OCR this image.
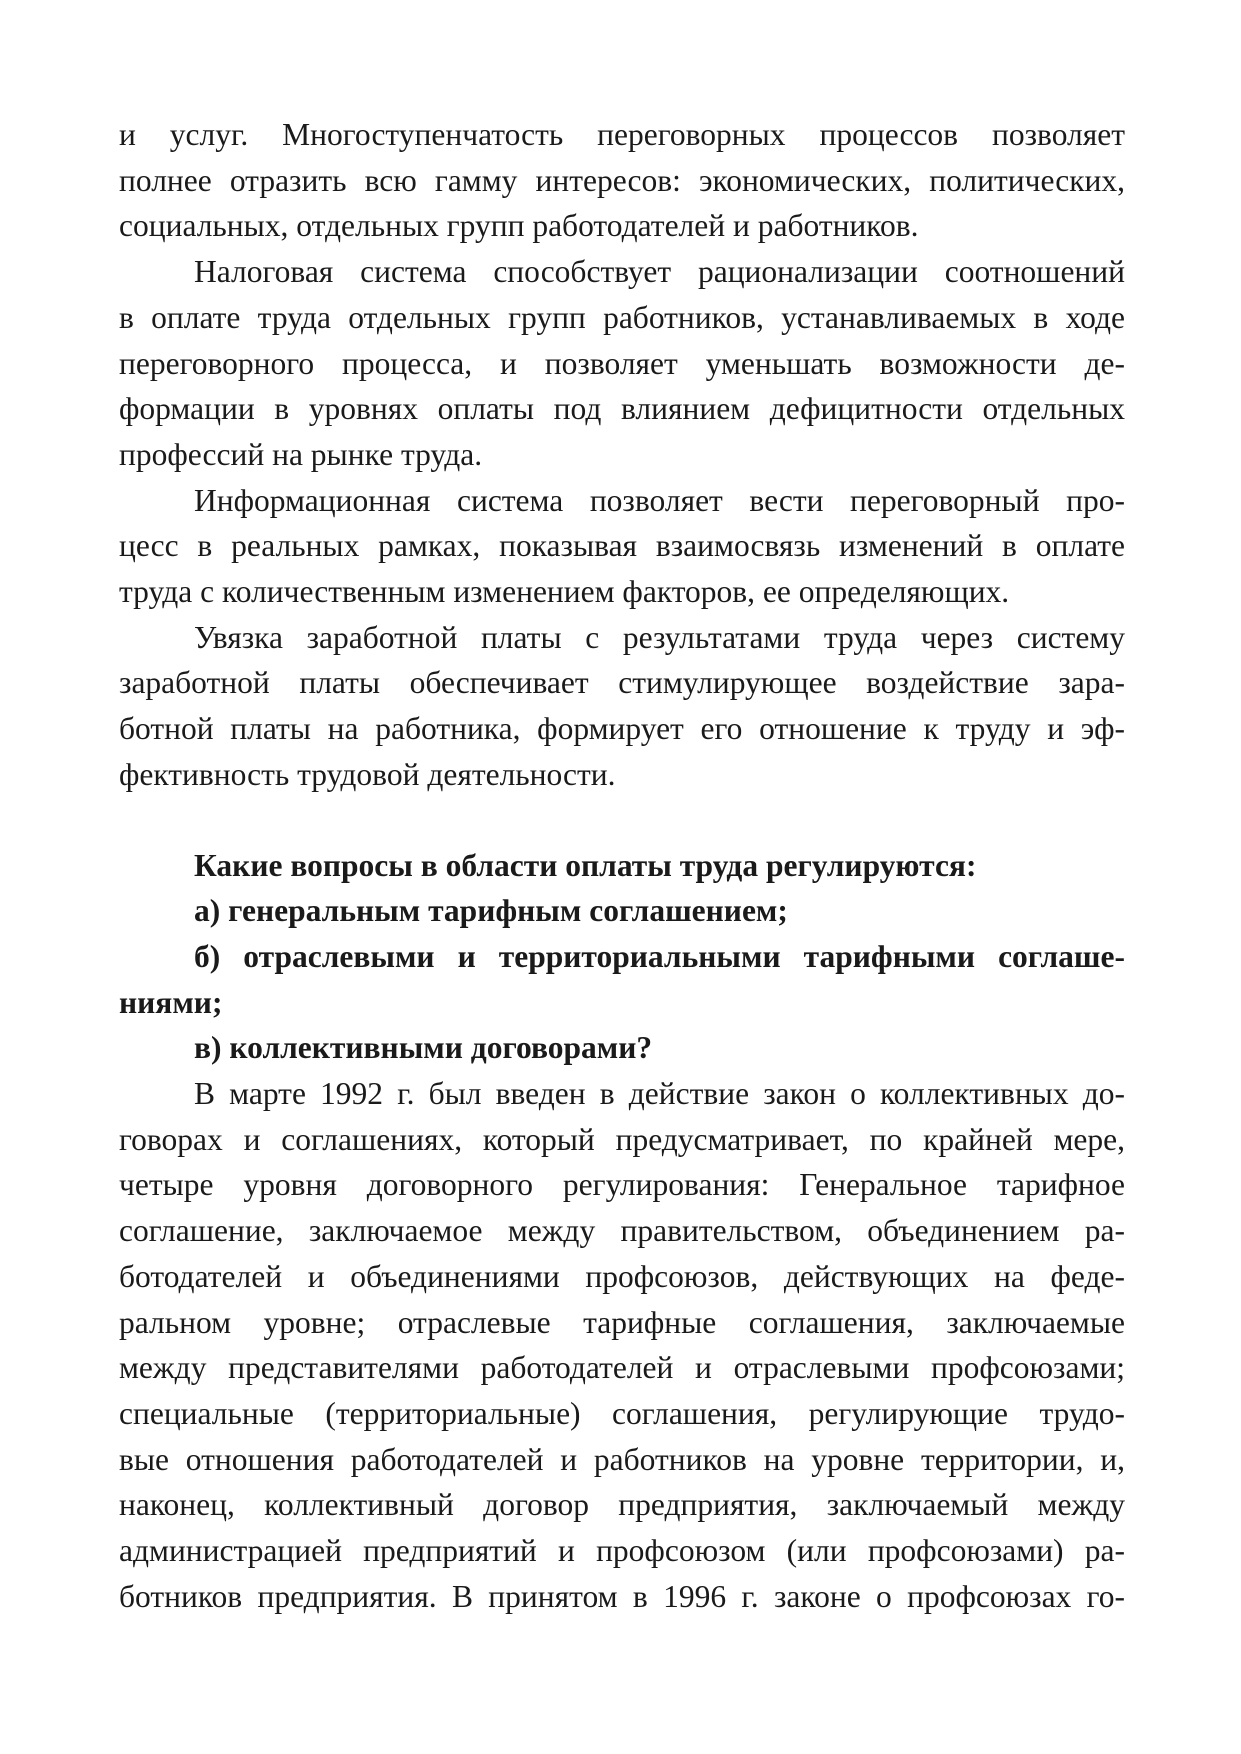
и услуг. Многоступенчатость переговорных процессов позволяет
полнее отразить всю гамму интересов: экономических, политических,
социальных, отдельных групп работодателей и работников.

Налоговая система способствует рационализации соотношений
в оплате труда отдельных групп работников, устанавливаемых в ходе
переговорного процесса, и позволяет уменьшать возможности де-
формации в уровнях оплаты под влиянием дефицитности отдельных
профессий на рынке труда.

Информационная система позволяет вести переговорный про-
цесс в реальных рамках, показывая взаимосвязь изменений в оплате
труда с количественным изменением факторов, ее определяющих.

Увязка заработной платы с результатами труда через систему
заработной платы обеспечивает стимулирующее воздействие зара-
ботной платы на работника, формирует его отношение к труду и эф-
фективность трудовой деятельности.

Какие вопросы в области оплаты труда регулируются:
а) генеральным тарифным соглашением;
б) отраслевыми и территориальными тарифными соглаше-
ниями;
в) коллективными договорами?

В марте 1992 г. был введен в действие закон о коллективных до-
говорах и соглашениях, который предусматривает, по крайней мере,
четыре уровня договорного регулирования: Генеральное тарифное
соглашение, заключаемое между правительством, объединением ра-
ботодателей и объединениями профсоюзов, действующих на феде-
ральном уровне; отраслевые тарифные соглашения, заключаемые
между представителями работодателей и отраслевыми профсоюзами;
специальные (территориальные) соглашения, регулирующие трудо-
вые отношения работодателей и работников на уровне территории, и,
наконец, коллективный договор предприятия, заключаемый между
администрацией предприятий и профсоюзом (или профсоюзами) ра-
ботников предприятия. В принятом в 1996 г. законе о профсоюзах го-
